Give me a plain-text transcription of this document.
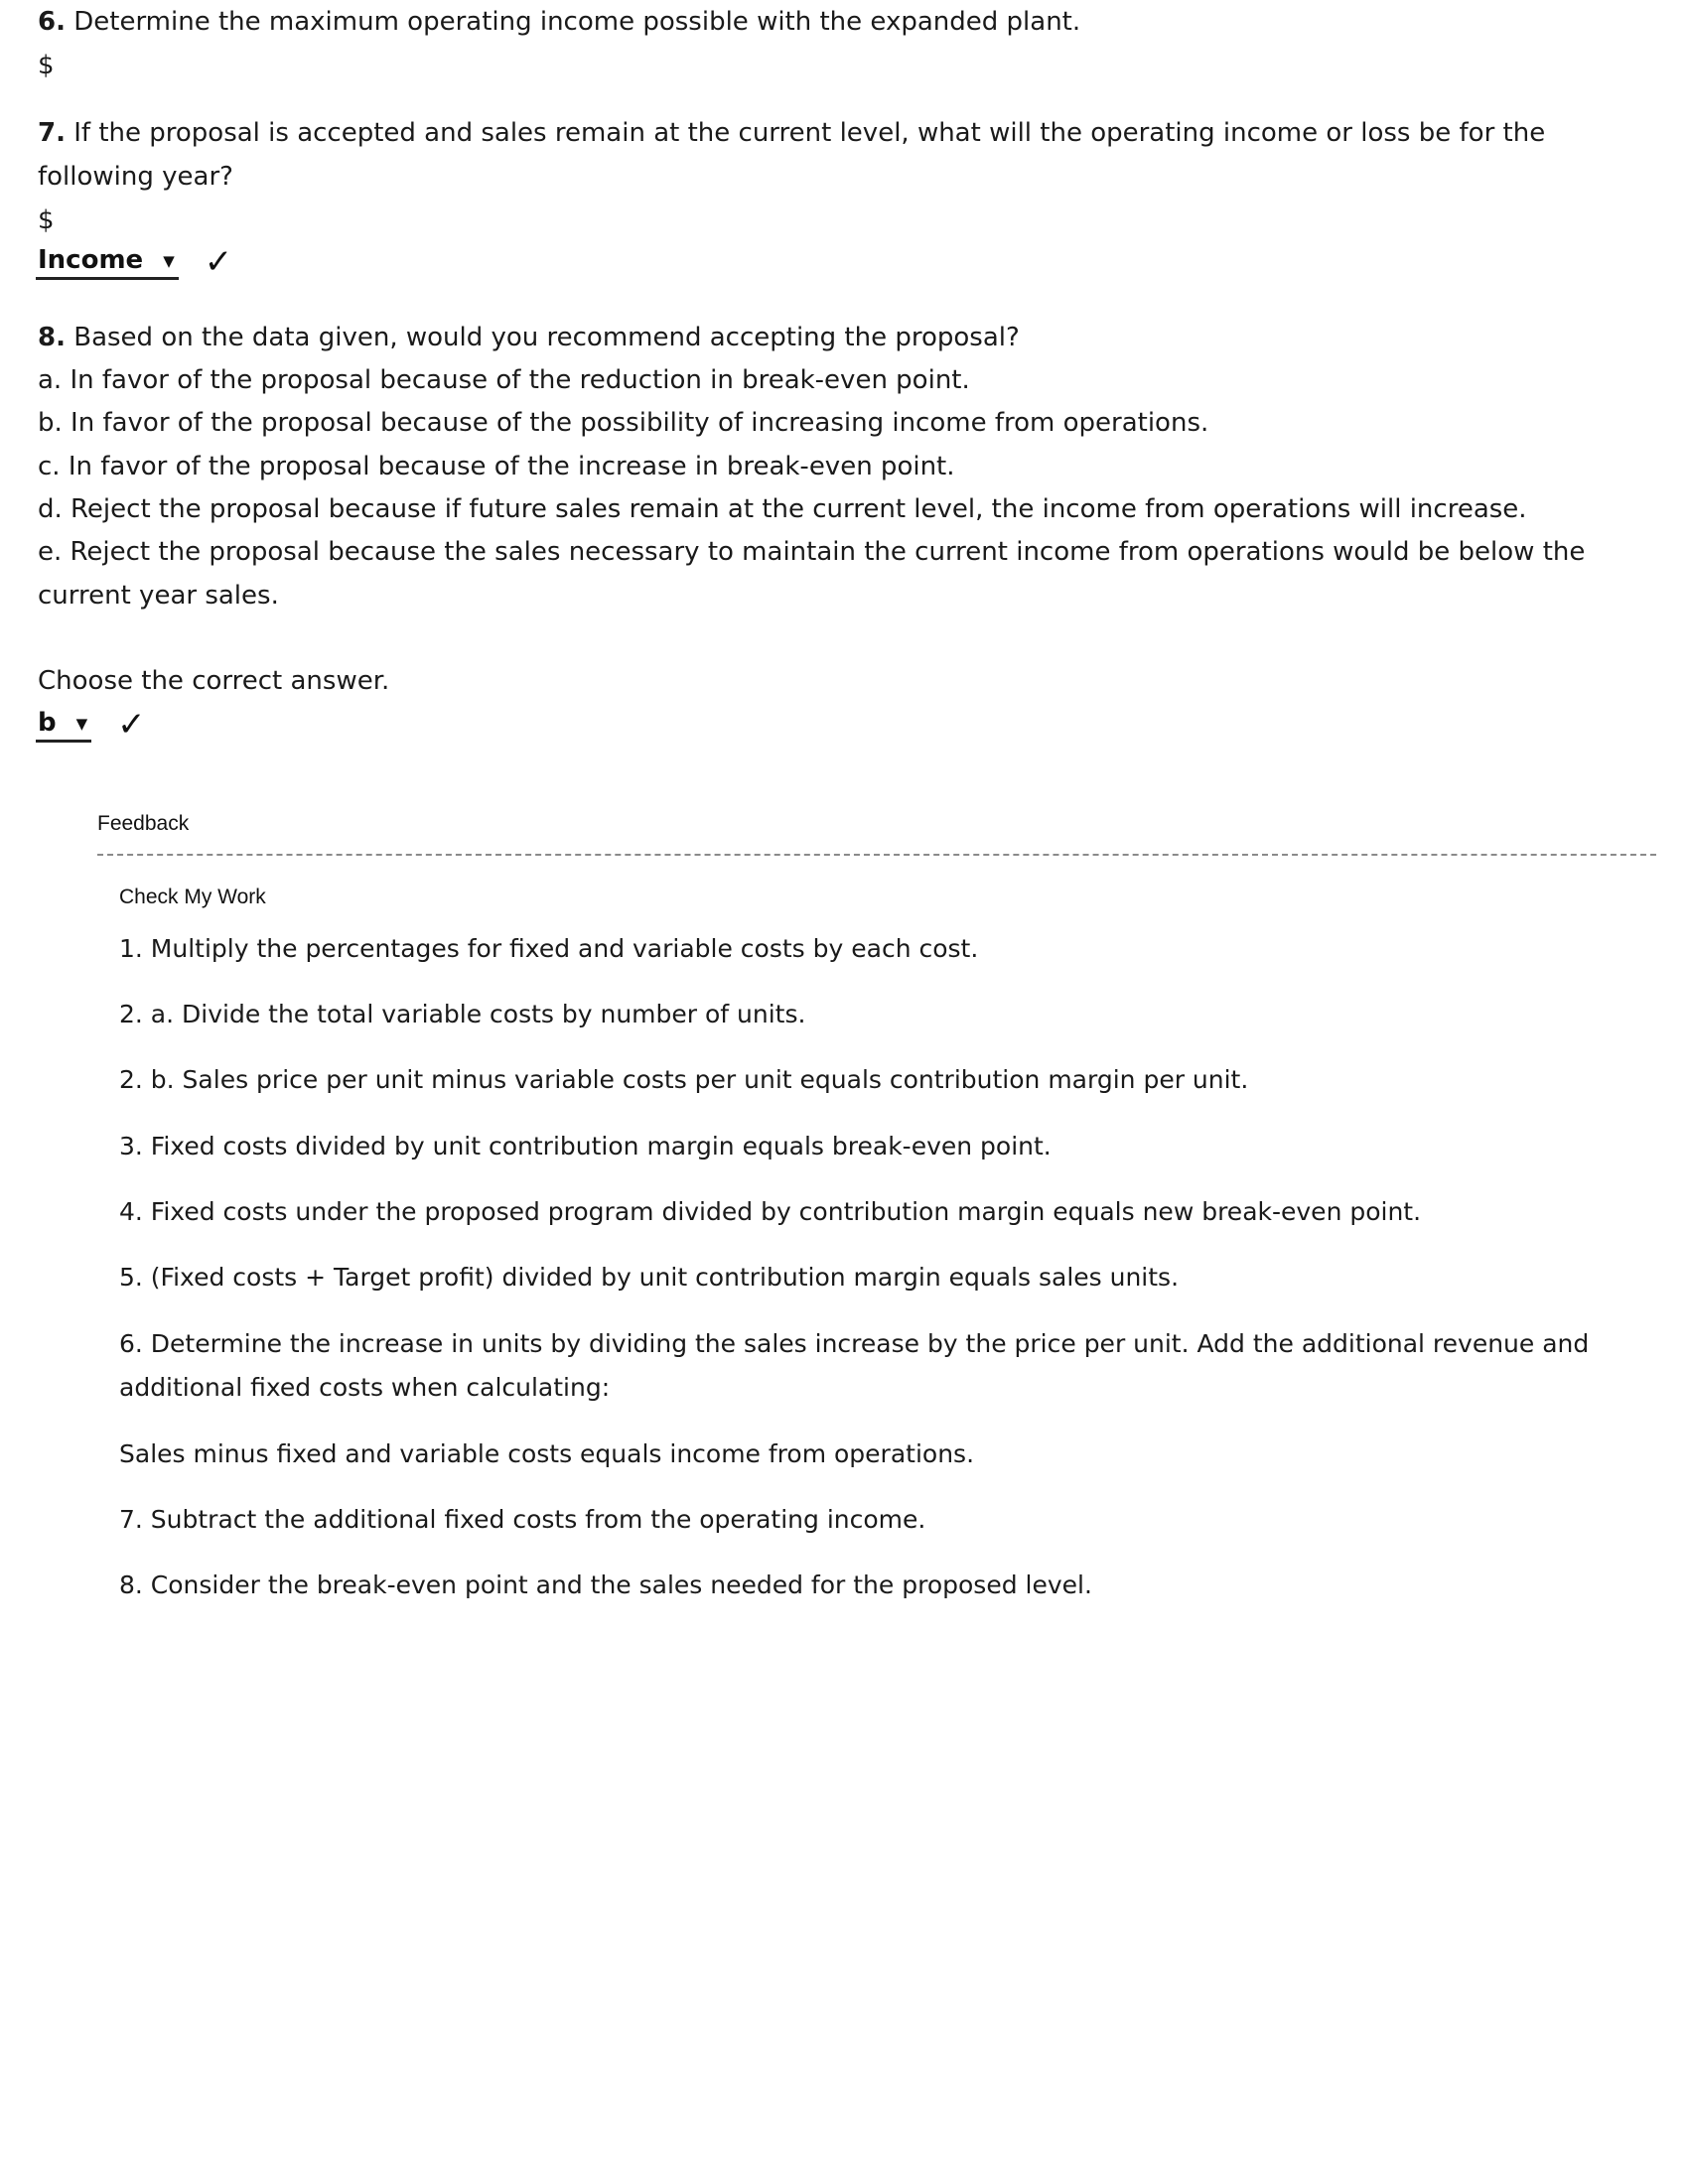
6. Determine the maximum operating income possible with the expanded plant.
$
7. If the proposal is accepted and sales remain at the current level, what will the operating income or loss be for the following year?
$
Income ▼ ✓
8. Based on the data given, would you recommend accepting the proposal?
a. In favor of the proposal because of the reduction in break-even point.
b. In favor of the proposal because of the possibility of increasing income from operations.
c. In favor of the proposal because of the increase in break-even point.
d. Reject the proposal because if future sales remain at the current level, the income from operations will increase.
e. Reject the proposal because the sales necessary to maintain the current income from operations would be below the current year sales.
Choose the correct answer.
b ▼ ✓
Feedback
Check My Work
1. Multiply the percentages for fixed and variable costs by each cost.
2. a. Divide the total variable costs by number of units.
2. b. Sales price per unit minus variable costs per unit equals contribution margin per unit.
3. Fixed costs divided by unit contribution margin equals break-even point.
4. Fixed costs under the proposed program divided by contribution margin equals new break-even point.
5. (Fixed costs + Target profit) divided by unit contribution margin equals sales units.
6. Determine the increase in units by dividing the sales increase by the price per unit. Add the additional revenue and additional fixed costs when calculating:
Sales minus fixed and variable costs equals income from operations.
7. Subtract the additional fixed costs from the operating income.
8. Consider the break-even point and the sales needed for the proposed level.
